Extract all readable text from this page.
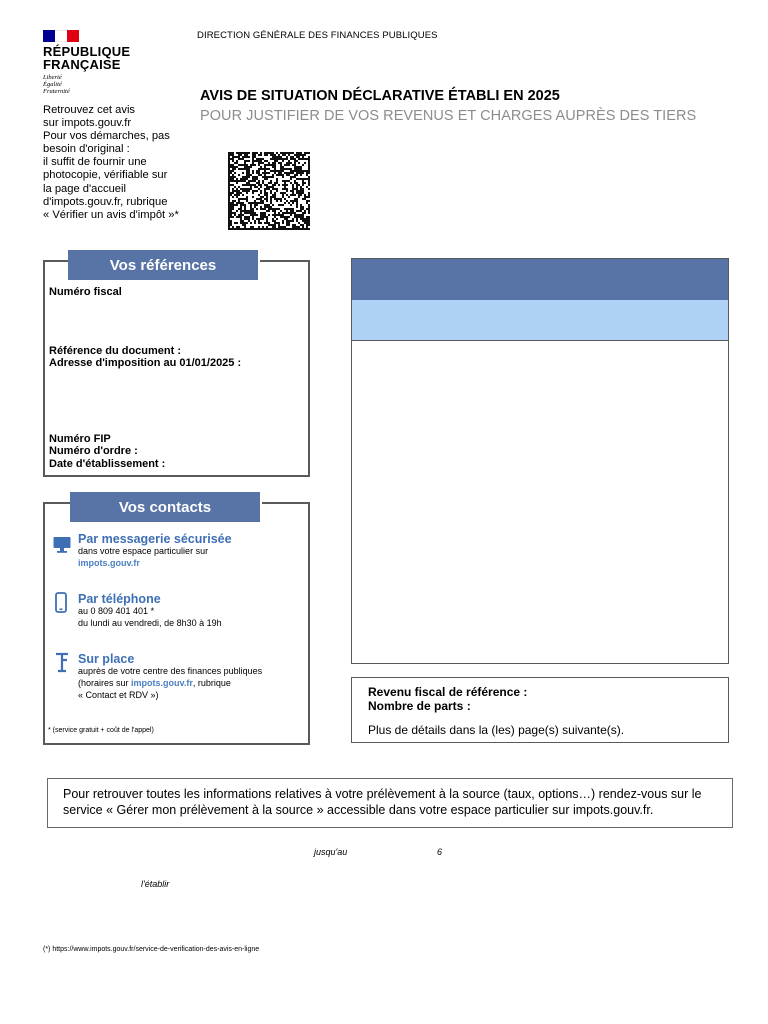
RÉPUBLIQUE
FRANÇAISE
Liberté
Égalité
Fraternité
DIRECTION GÉNÉRALE DES FINANCES PUBLIQUES
Retrouvez cet avis
sur impots.gouv.fr
Pour vos démarches, pas
besoin d'original :
il suffit de fournir une
photocopie, vérifiable sur
la page d'accueil
d'impots.gouv.fr, rubrique
« Vérifier un avis d'impôt »*
AVIS DE SITUATION DÉCLARATIVE ÉTABLI EN 2025
POUR JUSTIFIER DE VOS REVENUS ET CHARGES AUPRÈS DES TIERS
Vos références
Numéro fiscal
Référence du document :
Adresse d'imposition au 01/01/2025 :
Numéro FIP
Numéro d'ordre :
Date d'établissement :
Vos contacts
Par messagerie sécurisée
dans votre espace particulier sur
impots.gouv.fr
Par téléphone
au 0 809 401 401 *
du lundi au vendredi, de 8h30 à 19h
Sur place
auprès de votre centre des finances publiques
(horaires sur impots.gouv.fr, rubrique
« Contact et RDV »)
* (service gratuit + coût de l'appel)
Revenu fiscal de référence :
Nombre de parts :
Plus de détails dans la (les) page(s) suivante(s).
Pour retrouver toutes les informations relatives à votre prélèvement à la source (taux, options…) rendez-vous sur le service « Gérer mon prélèvement à la source » accessible dans votre espace particulier sur impots.gouv.fr.
jusqu'au	6
l'établir
(*) https://www.impots.gouv.fr/service-de-verification-des-avis-en-ligne
